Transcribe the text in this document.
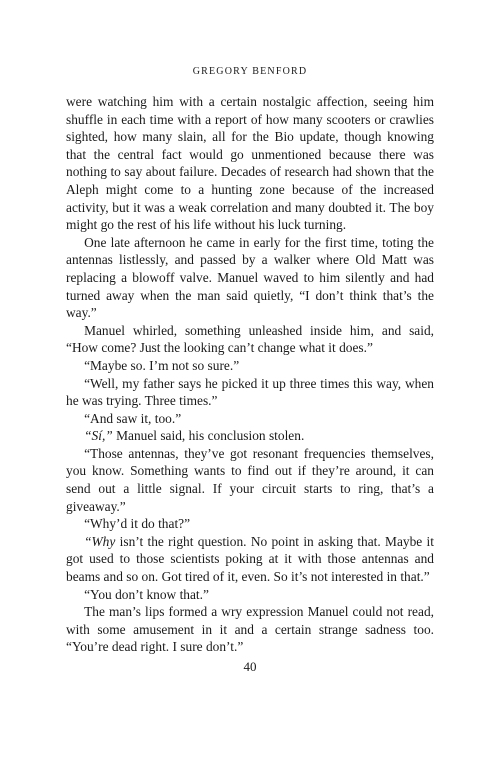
GREGORY BENFORD

were watching him with a certain nostalgic affection, seeing him shuffle in each time with a report of how many scooters or crawlies sighted, how many slain, all for the Bio update, though knowing that the central fact would go unmentioned because there was nothing to say about failure. Decades of research had shown that the Aleph might come to a hunting zone because of the increased activity, but it was a weak correlation and many doubted it. The boy might go the rest of his life without his luck turning.

One late afternoon he came in early for the first time, toting the antennas listlessly, and passed by a walker where Old Matt was replacing a blowoff valve. Manuel waved to him silently and had turned away when the man said quietly, “I don’t think that’s the way.”

Manuel whirled, something unleashed inside him, and said, “How come? Just the looking can’t change what it does.”

“Maybe so. I’m not so sure.”

“Well, my father says he picked it up three times this way, when he was trying. Three times.”

“And saw it, too.”

“Sí,” Manuel said, his conclusion stolen.

“Those antennas, they’ve got resonant frequencies themselves, you know. Something wants to find out if they’re around, it can send out a little signal. If your circuit starts to ring, that’s a giveaway.”

“Why’d it do that?”

“Why isn’t the right question. No point in asking that. Maybe it got used to those scientists poking at it with those antennas and beams and so on. Got tired of it, even. So it’s not interested in that.”

“You don’t know that.”

The man’s lips formed a wry expression Manuel could not read, with some amusement in it and a certain strange sadness too. “You’re dead right. I sure don’t.”

40
